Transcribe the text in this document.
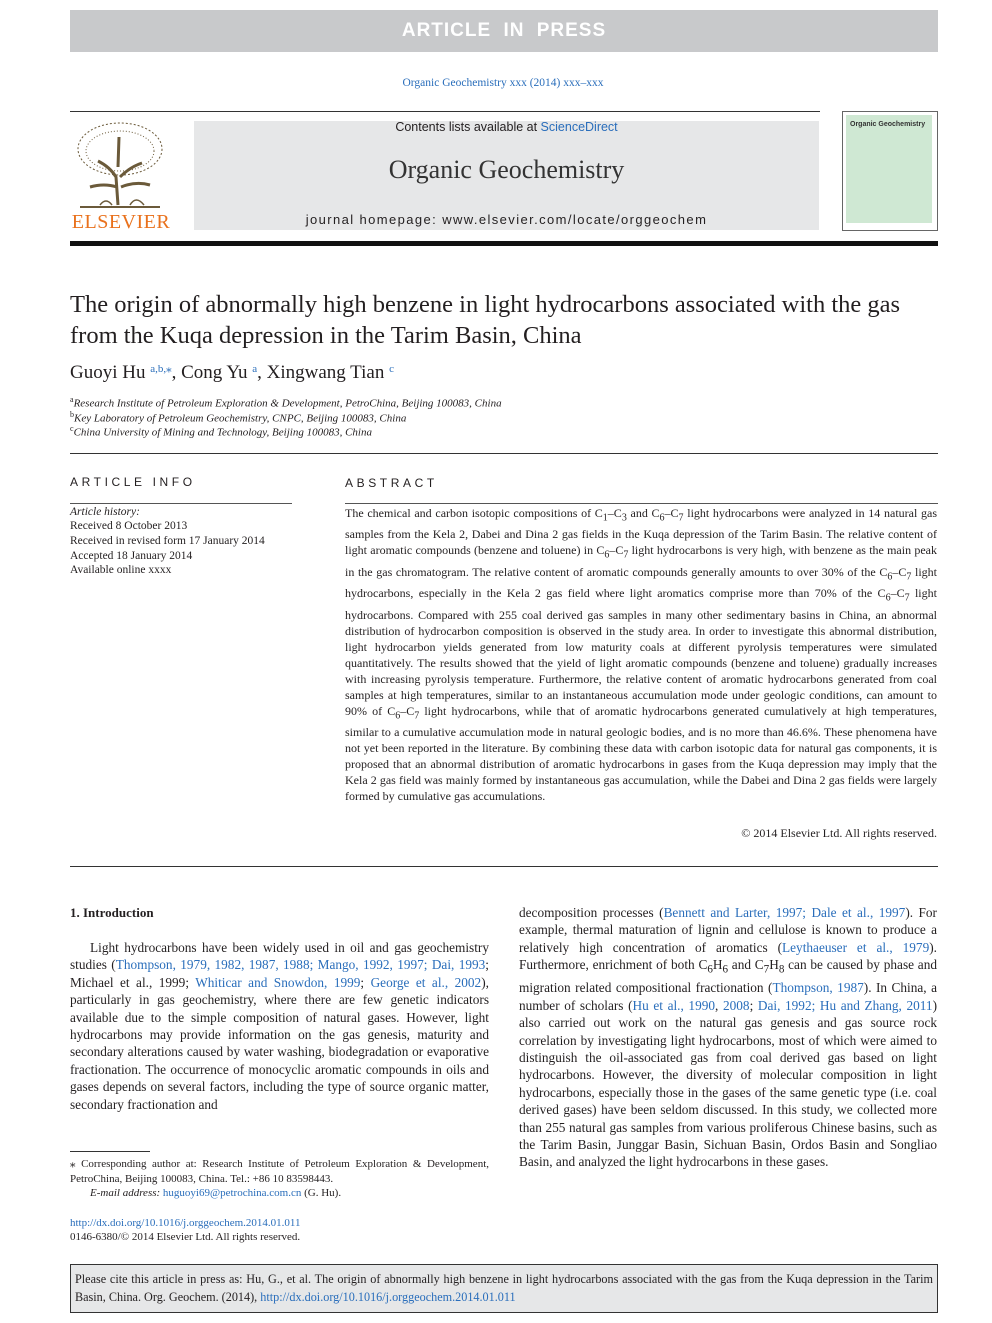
ARTICLE IN PRESS
Organic Geochemistry xxx (2014) xxx–xxx
ELSEVIER
Contents lists available at ScienceDirect
Organic Geochemistry
journal homepage: www.elsevier.com/locate/orggeochem
Organic Geochemistry
The origin of abnormally high benzene in light hydrocarbons associated with the gas from the Kuqa depression in the Tarim Basin, China
Guoyi Hu $^{a,b,⁎}$, Cong Yu $^a$, Xingwang Tian $^c$
$^a$Research Institute of Petroleum Exploration & Development, PetroChina, Beijing 100083, China
$^b$Key Laboratory of Petroleum Geochemistry, CNPC, Beijing 100083, China
$^c$China University of Mining and Technology, Beijing 100083, China
ARTICLE INFO
Article history:
Received 8 October 2013
Received in revised form 17 January 2014
Accepted 18 January 2014
Available online xxxx
ABSTRACT
The chemical and carbon isotopic compositions of $C_1-C_3$ and $C_6-C_7$ light hydrocarbons were analyzed in 14 natural gas samples from the Kela 2, Dabei and Dina 2 gas fields in the Kuqa depression of the Tarim Basin. The relative content of light aromatic compounds (benzene and toluene) in $C_6-C_7$ light hydrocarbons is very high, with benzene as the main peak in the gas chromatogram. The relative content of aromatic compounds generally amounts to over 30% of the $C_6-C_7$ light hydrocarbons, especially in the Kela 2 gas field where light aromatics comprise more than 70% of the $C_6-C_7$ light hydrocarbons. Compared with 255 coal derived gas samples in many other sedimentary basins in China, an abnormal distribution of hydrocarbon composition is observed in the study area. In order to investigate this abnormal distribution, light hydrocarbon yields generated from low maturity coals at different pyrolysis temperatures were simulated quantitatively. The results showed that the yield of light aromatic compounds (benzene and toluene) gradually increases with increasing pyrolysis temperature. Furthermore, the relative content of aromatic hydrocarbons generated from coal samples at high temperatures, similar to an instantaneous accumulation mode under geologic conditions, can amount to 90% of $C_6-C_7$ light hydrocarbons, while that of aromatic hydrocarbons generated cumulatively at high temperatures, similar to a cumulative accumulation mode in natural geologic bodies, and is no more than 46.6%. These phenomena have not yet been reported in the literature. By combining these data with carbon isotopic data for natural gas components, it is proposed that an abnormal distribution of aromatic hydrocarbons in gases from the Kuqa depression may imply that the Kela 2 gas field was mainly formed by instantaneous gas accumulation, while the Dabei and Dina 2 gas fields were largely formed by cumulative gas accumulations.
© 2014 Elsevier Ltd. All rights reserved.
1. Introduction
Light hydrocarbons have been widely used in oil and gas geochemistry studies (Thompson, 1979, 1982, 1987, 1988; Mango, 1992, 1997; Dai, 1993; Michael et al., 1999; Whiticar and Snowdon, 1999; George et al., 2002), particularly in gas geochemistry, where there are few genetic indicators available due to the simple composition of natural gases. However, light hydrocarbons may provide information on the gas genesis, maturity and secondary alterations caused by water washing, biodegradation or evaporative fractionation. The occurrence of monocyclic aromatic compounds in oils and gases depends on several factors, including the type of source organic matter, secondary fractionation and
decomposition processes (Bennett and Larter, 1997; Dale et al., 1997). For example, thermal maturation of lignin and cellulose is known to produce a relatively high concentration of aromatics (Leythaeuser et al., 1979). Furthermore, enrichment of both $C_6H_6$ and $C_7H_8$ can be caused by phase and migration related compositional fractionation (Thompson, 1987). In China, a number of scholars (Hu et al., 1990, 2008; Dai, 1992; Hu and Zhang, 2011) also carried out work on the natural gas genesis and gas source rock correlation by investigating light hydrocarbons, most of which were aimed to distinguish the oil-associated gas from coal derived gas based on light hydrocarbons. However, the diversity of molecular composition in light hydrocarbons, especially those in the gases of the same genetic type (i.e. coal derived gases) have been seldom discussed. In this study, we collected more than 255 natural gas samples from various proliferous Chinese basins, such as the Tarim Basin, Junggar Basin, Sichuan Basin, Ordos Basin and Songliao Basin, and analyzed the light hydrocarbons in these gases.
⁎ Corresponding author at: Research Institute of Petroleum Exploration & Development, PetroChina, Beijing 100083, China. Tel.: +86 10 83598443.
E-mail address: huguoyi69@petrochina.com.cn (G. Hu).
http://dx.doi.org/10.1016/j.orggeochem.2014.01.011
0146-6380/© 2014 Elsevier Ltd. All rights reserved.
Please cite this article in press as: Hu, G., et al. The origin of abnormally high benzene in light hydrocarbons associated with the gas from the Kuqa depression in the Tarim Basin, China. Org. Geochem. (2014), http://dx.doi.org/10.1016/j.orggeochem.2014.01.011
